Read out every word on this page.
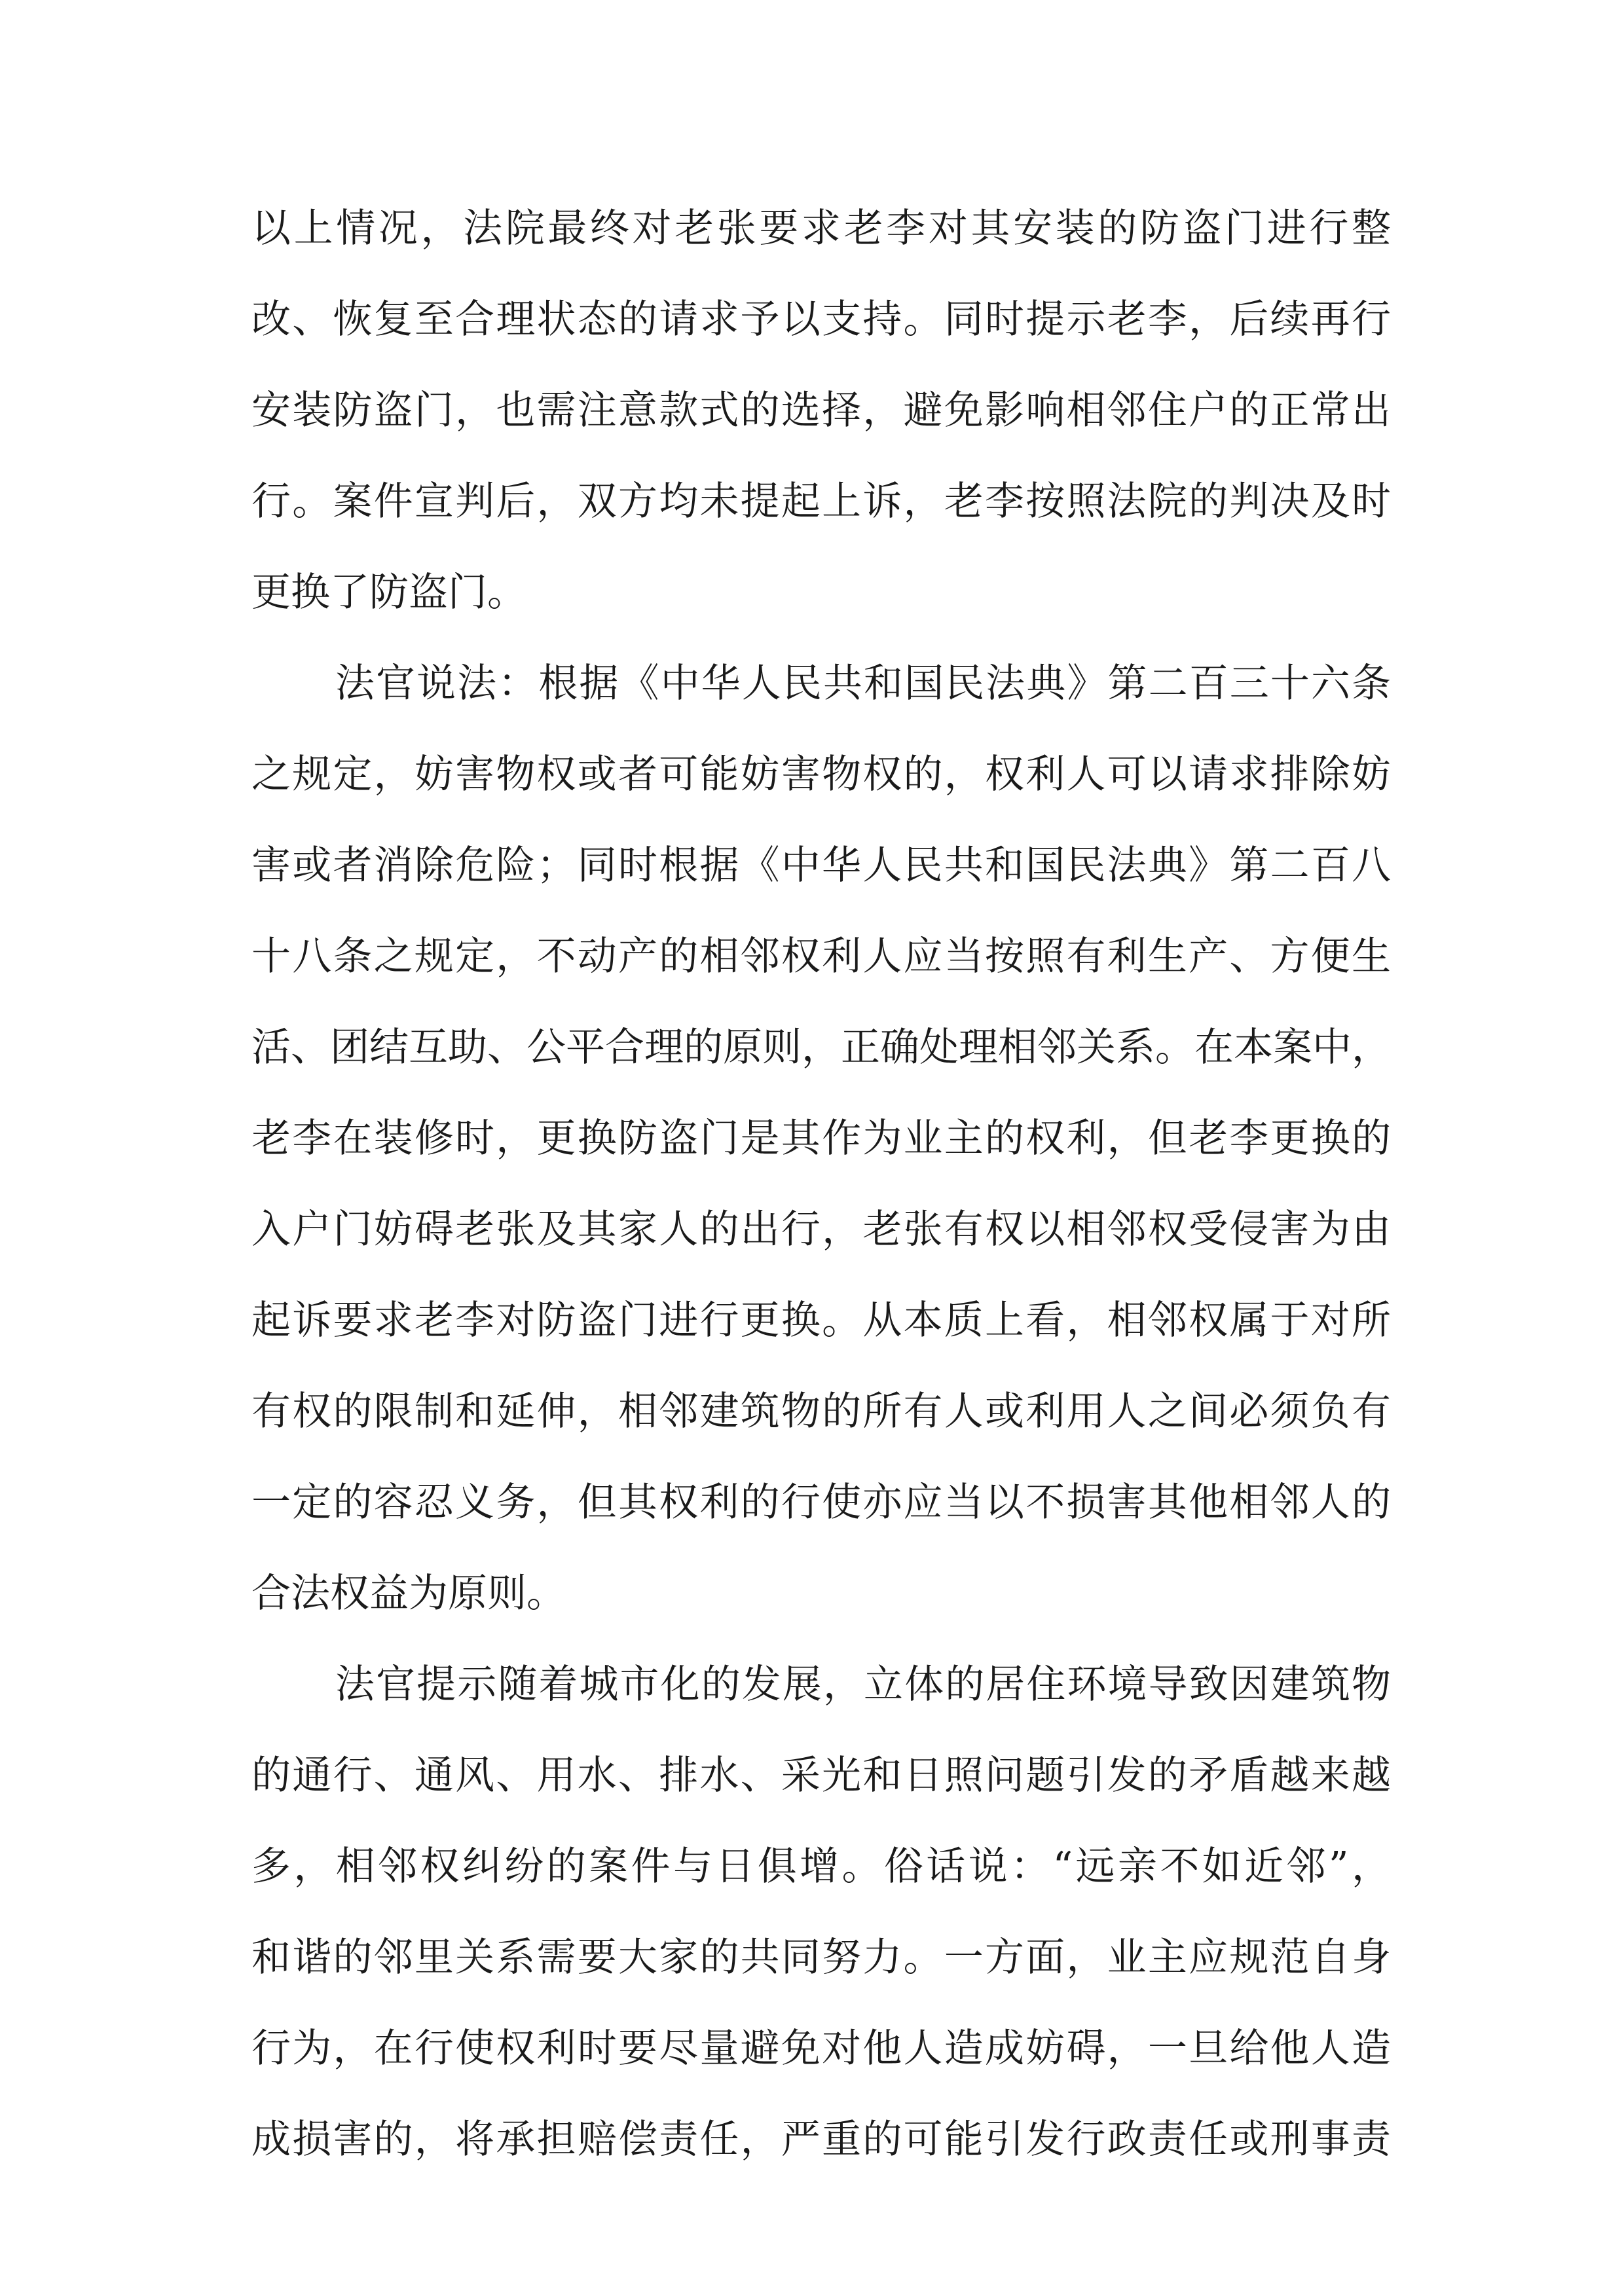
以上情况，法院最终对老张要求老李对其安装的防盗门进行整
改、恢复至合理状态的请求予以支持。同时提示老李，后续再行
安装防盗门，也需注意款式的选择，避免影响相邻住户的正常出
行。案件宣判后，双方均未提起上诉，老李按照法院的判决及时
更换了防盗门。
法官说法：根据《中华人民共和国民法典》第二百三十六条
之规定，妨害物权或者可能妨害物权的，权利人可以请求排除妨
害或者消除危险；同时根据《中华人民共和国民法典》第二百八
十八条之规定，不动产的相邻权利人应当按照有利生产、方便生
活、团结互助、公平合理的原则，正确处理相邻关系。在本案中，
老李在装修时，更换防盗门是其作为业主的权利，但老李更换的
入户门妨碍老张及其家人的出行，老张有权以相邻权受侵害为由
起诉要求老李对防盗门进行更换。从本质上看，相邻权属于对所
有权的限制和延伸，相邻建筑物的所有人或利用人之间必须负有
一定的容忍义务，但其权利的行使亦应当以不损害其他相邻人的
合法权益为原则。
法官提示随着城市化的发展，立体的居住环境导致因建筑物
的通行、通风、用水、排水、采光和日照问题引发的矛盾越来越
多，相邻权纠纷的案件与日俱增。俗话说：“远亲不如近邻”，
和谐的邻里关系需要大家的共同努力。一方面，业主应规范自身
行为，在行使权利时要尽量避免对他人造成妨碍，一旦给他人造
成损害的，将承担赔偿责任，严重的可能引发行政责任或刑事责
